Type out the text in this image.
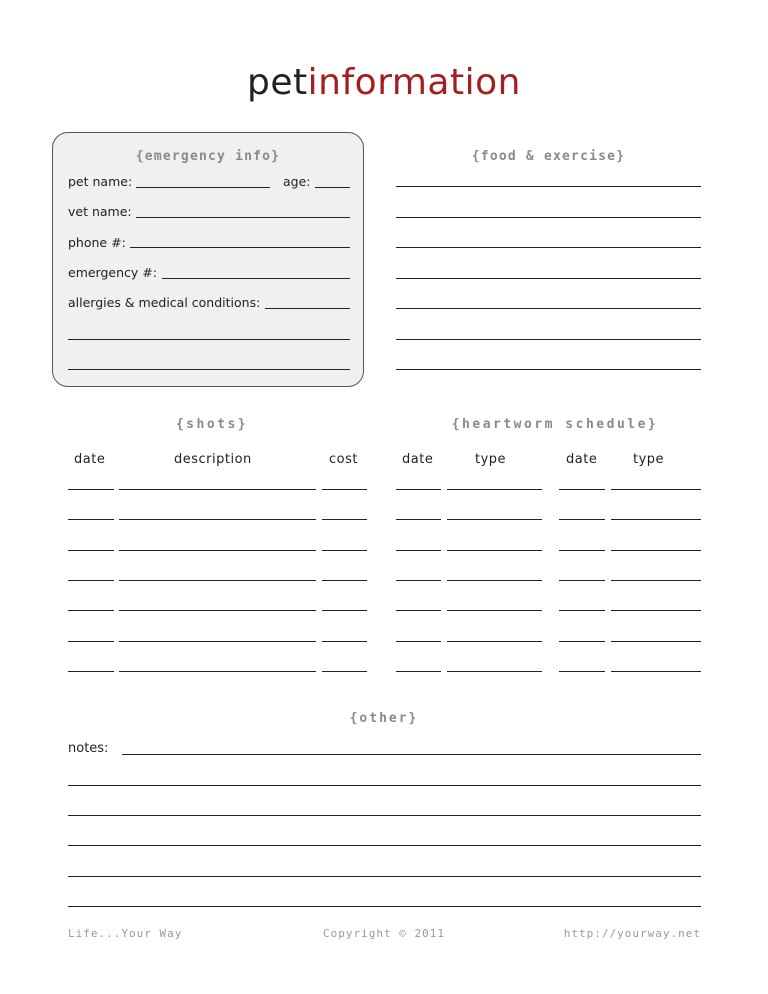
petinformation
{emergency info}
pet name:	age:
vet name:
phone #:
emergency #:
allergies & medical conditions:
{food & exercise}
{shots}
date	description	cost
{heartworm schedule}
date	type	date	type
{other}
notes:
Life...Your Way	Copyright © 2011	http://yourway.net
